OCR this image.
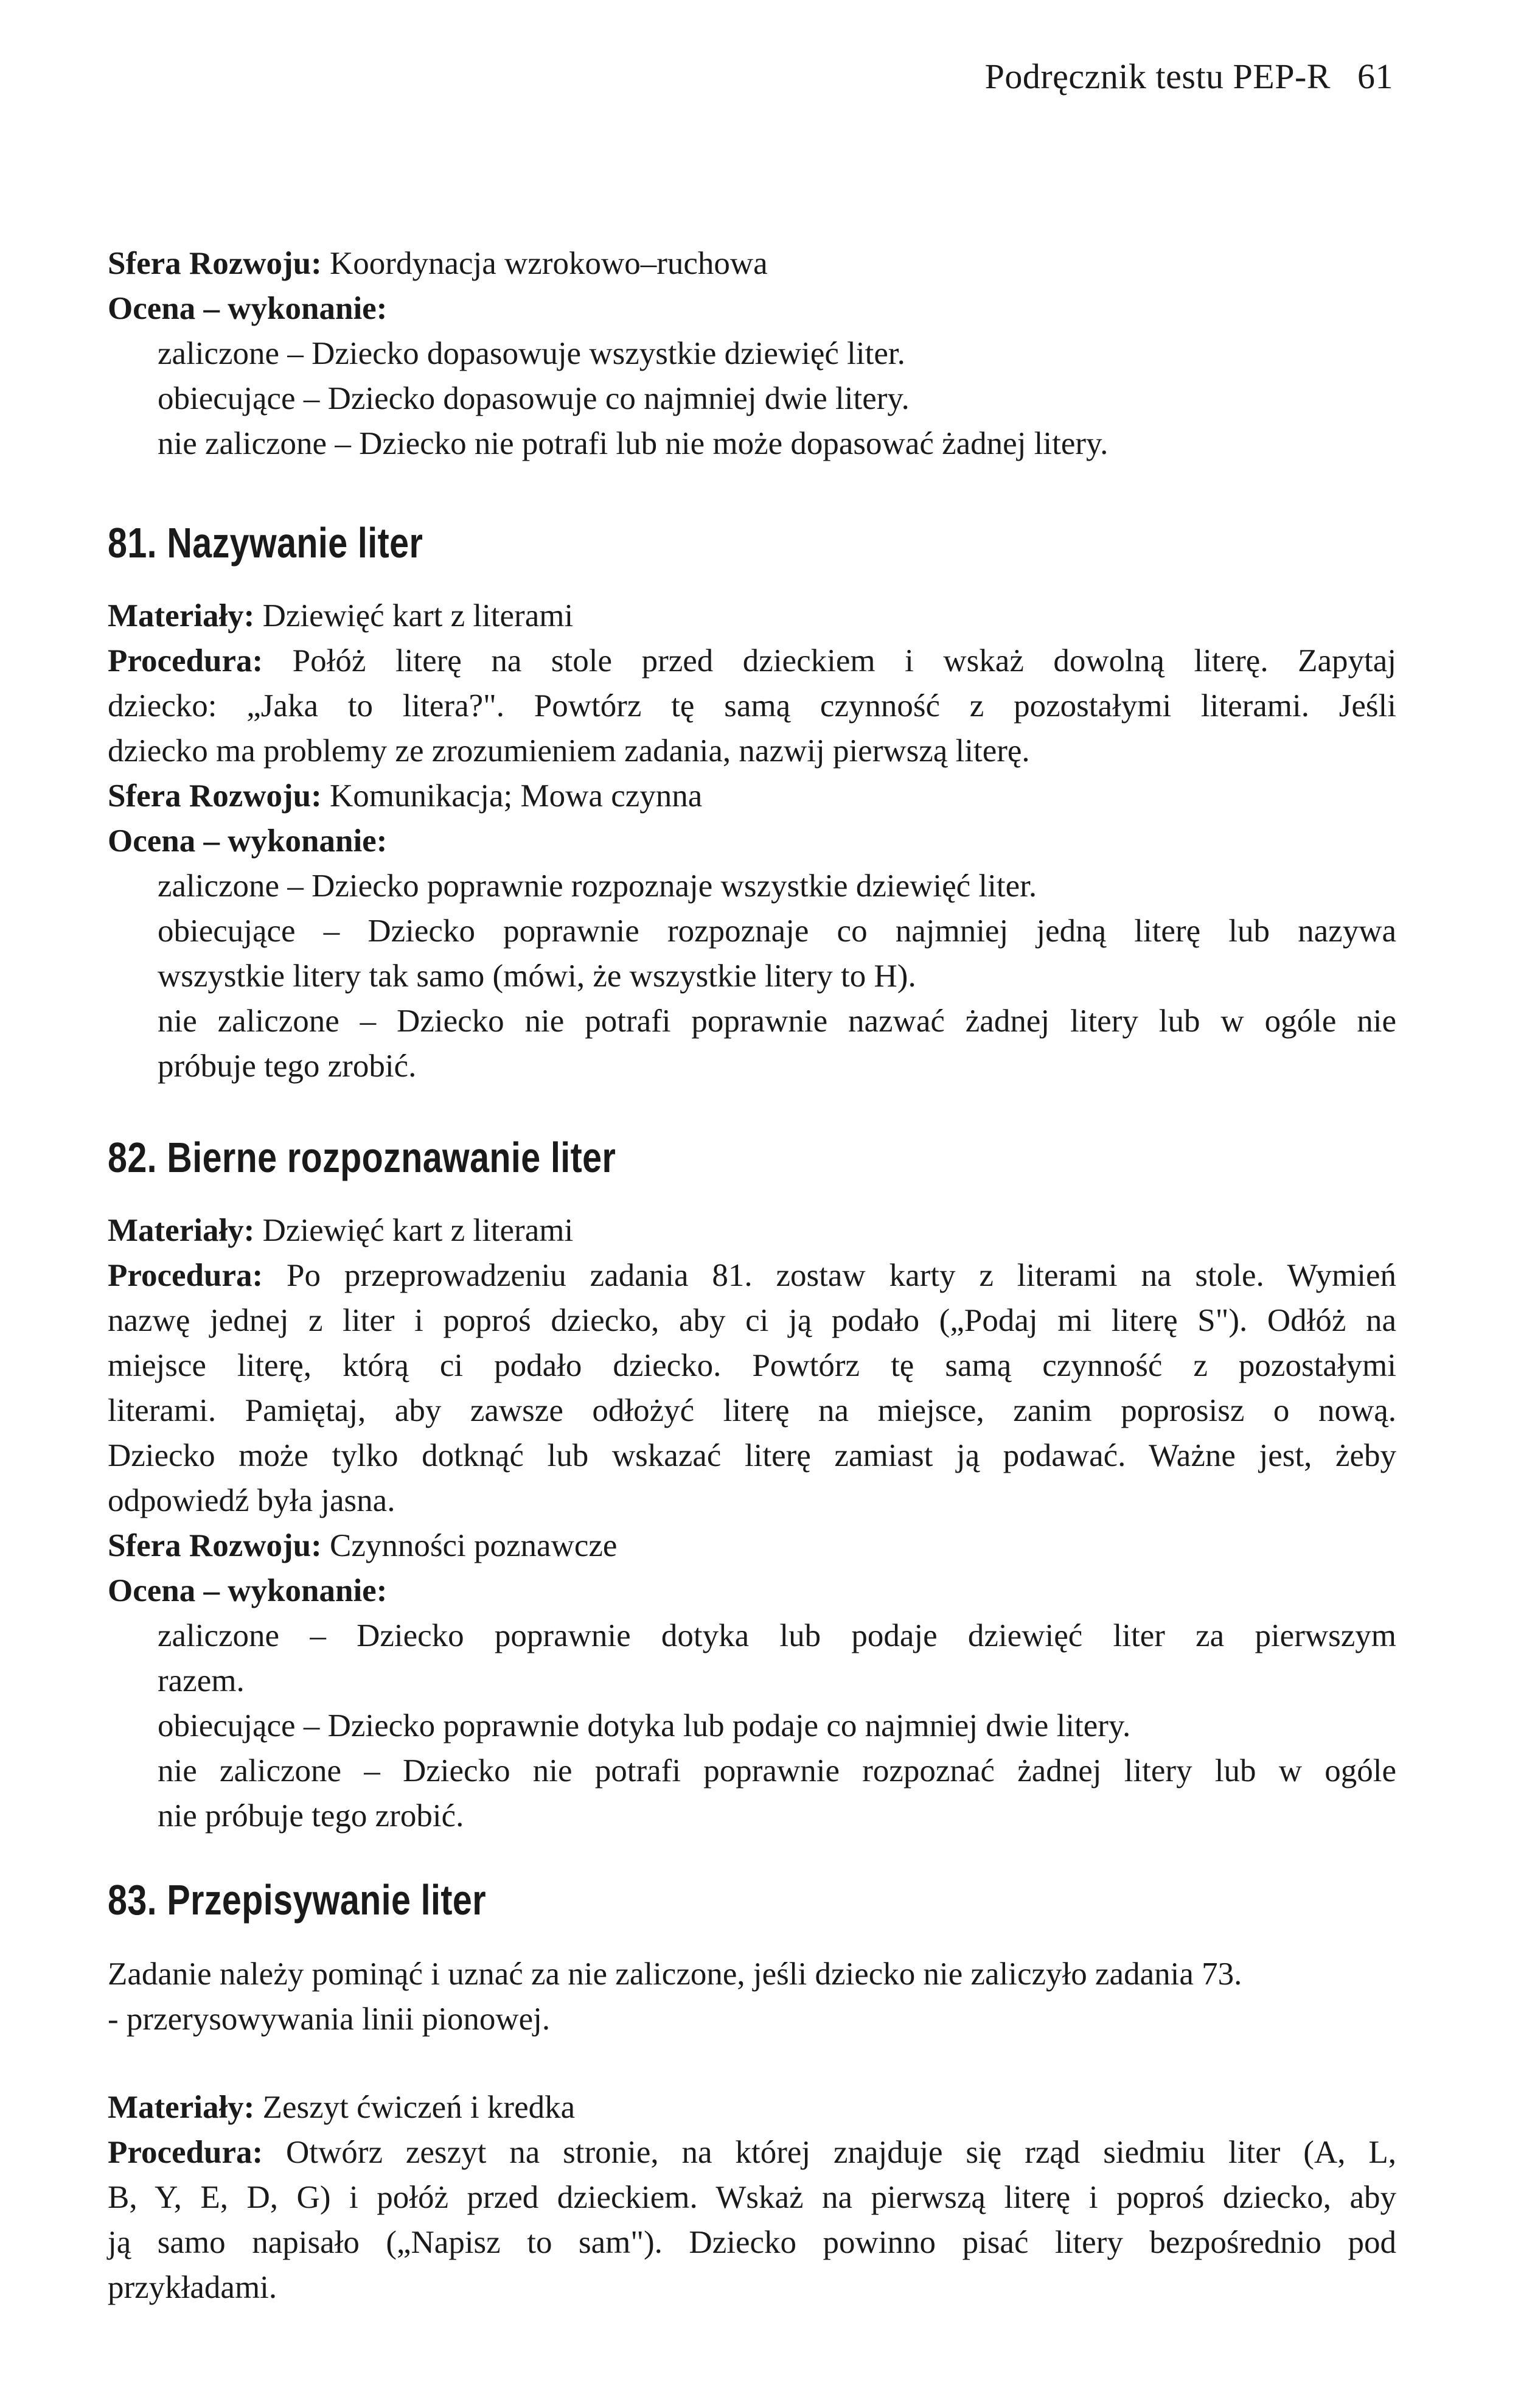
Podręcznik testu PEP-R 61
Sfera Rozwoju: Koordynacja wzrokowo–ruchowa
Ocena – wykonanie:
zaliczone – Dziecko dopasowuje wszystkie dziewięć liter.
obiecujące – Dziecko dopasowuje co najmniej dwie litery.
nie zaliczone – Dziecko nie potrafi lub nie może dopasować żadnej litery.
81. Nazywanie liter
Materiały: Dziewięć kart z literami
Procedura: Połóż literę na stole przed dzieckiem i wskaż dowolną literę. Zapytaj
dziecko: „Jaka to litera?". Powtórz tę samą czynność z pozostałymi literami. Jeśli
dziecko ma problemy ze zrozumieniem zadania, nazwij pierwszą literę.
Sfera Rozwoju: Komunikacja; Mowa czynna
Ocena – wykonanie:
zaliczone – Dziecko poprawnie rozpoznaje wszystkie dziewięć liter.
obiecujące – Dziecko poprawnie rozpoznaje co najmniej jedną literę lub nazywa
wszystkie litery tak samo (mówi, że wszystkie litery to H).
nie zaliczone – Dziecko nie potrafi poprawnie nazwać żadnej litery lub w ogóle nie
próbuje tego zrobić.
82. Bierne rozpoznawanie liter
Materiały: Dziewięć kart z literami
Procedura: Po przeprowadzeniu zadania 81. zostaw karty z literami na stole. Wymień
nazwę jednej z liter i poproś dziecko, aby ci ją podało („Podaj mi literę S"). Odłóż na
miejsce literę, którą ci podało dziecko. Powtórz tę samą czynność z pozostałymi
literami. Pamiętaj, aby zawsze odłożyć literę na miejsce, zanim poprosisz o nową.
Dziecko może tylko dotknąć lub wskazać literę zamiast ją podawać. Ważne jest, żeby
odpowiedź była jasna.
Sfera Rozwoju: Czynności poznawcze
Ocena – wykonanie:
zaliczone – Dziecko poprawnie dotyka lub podaje dziewięć liter za pierwszym
razem.
obiecujące – Dziecko poprawnie dotyka lub podaje co najmniej dwie litery.
nie zaliczone – Dziecko nie potrafi poprawnie rozpoznać żadnej litery lub w ogóle
nie próbuje tego zrobić.
83. Przepisywanie liter
Zadanie należy pominąć i uznać za nie zaliczone, jeśli dziecko nie zaliczyło zadania 73.
- przerysowywania linii pionowej.
Materiały: Zeszyt ćwiczeń i kredka
Procedura: Otwórz zeszyt na stronie, na której znajduje się rząd siedmiu liter (A, L,
B, Y, E, D, G) i połóż przed dzieckiem. Wskaż na pierwszą literę i poproś dziecko, aby
ją samo napisało („Napisz to sam"). Dziecko powinno pisać litery bezpośrednio pod
przykładami.
